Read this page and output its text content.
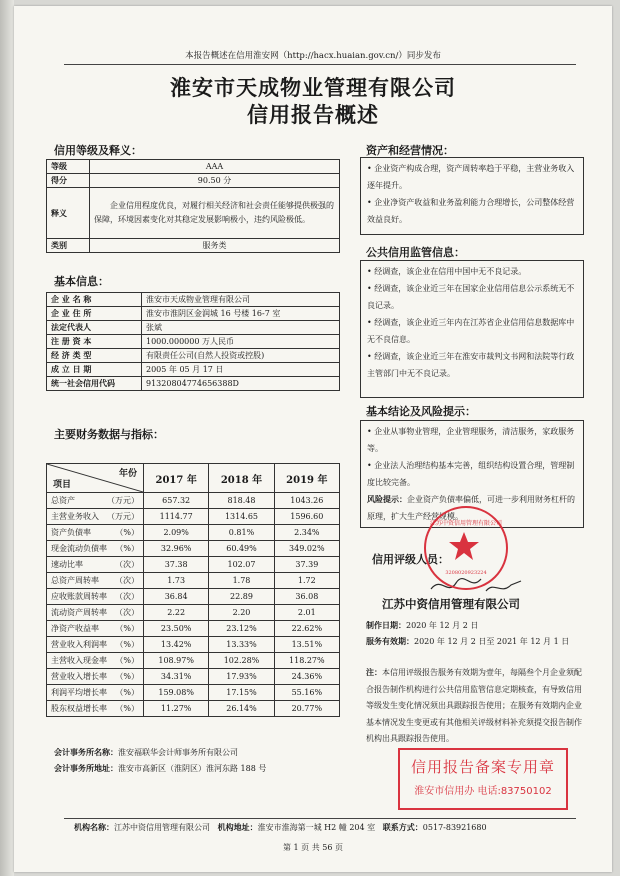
本报告概述在信用淮安网（http://hacx.huaian.gov.cn/）同步发布
淮安市天成物业管理有限公司
信用报告概述
信用等级及释义：
等级	AAA
得分	90.50 分
释义	企业信用程度优良，对履行相关经济和社会责任能够提供极强的保障，环境因素变化对其稳定发展影响极小，违约风险极低。
类别	服务类
基本信息：
企 业 名 称	淮安市天成物业管理有限公司
企 业 住 所	淮安市淮阴区金润城 16 号楼 16-7 室
法定代表人	张斌
注 册 资 本	1000.000000 万人民币
经 济 类 型	有限责任公司(自然人投资或控股)
成 立 日 期	2005 年 05 月 17 日
统一社会信用代码	91320804774656388D
主要财务数据与指标：
年份
项目	2017 年	2018 年	2019 年

总资产 （万元）	657.32	818.48	1043.26

主营业务收入 （万元）	1114.77	1314.65	1596.60

资产负债率 （%）	2.09%	0.81%	2.34%

现金流动负债率 （%）	32.96%	60.49%	349.02%

速动比率 （次）	37.38	102.07	37.39

总资产周转率 （次）	1.73	1.78	1.72

应收账款周转率 （次）	36.84	22.89	36.08

流动资产周转率 （次）	2.22	2.20	2.01

净资产收益率 （%）	23.50%	23.12%	22.62%

营业收入利润率 （%）	13.42%	13.33%	13.51%

主营收入现金率 （%）	108.97%	102.28%	118.27%

营业收入增长率 （%）	34.31%	17.93%	24.36%

利润平均增长率 （%）	159.08%	17.15%	55.16%

股东权益增长率 （%）	11.27%	26.14%	20.77%
会计事务所名称：淮安福联华会计师事务所有限公司
会计事务所地址：淮安市高新区（淮阴区）淮河东路 188 号
资产和经营情况：

• 企业资产构成合理，资产周转率趋于平稳，主营业务收入逐年提升。

• 企业净资产收益和业务盈利能力合理增长，公司整体经营效益良好。

公共信用监管信息：

• 经调查，该企业在信用中国中无不良记录。

• 经调查，该企业近三年在国家企业信用信息公示系统无不良记录。

• 经调查，该企业近三年内在江苏省企业信用信息数据库中无不良信息。

• 经调查，该企业近三年在淮安市裁判文书网和法院等行政主管部门中无不良记录。

基本结论及风险提示：

• 企业从事物业管理，企业管理服务，清洁服务，家政服务等。

• 企业法人治理结构基本完善，组织结构设置合理，管理制度比较完备。

风险提示：企业资产负债率偏低，可进一步利用财务杠杆的原理，扩大生产经营规模。

信用评级人员：
江苏中资信用管理有限公司
制作日期：2020 年 12 月 2 日
服务有效期：2020 年 12 月 2 日至 2021 年 12 月 1 日
注：本信用评级报告服务有效期为壹年，每隔叁个月企业须配合报告制作机构进行公共信用监管信息定期核查，有导致信用等级发生变化情况须出具跟踪报告使用；在服务有效期内企业基本情况发生变更或有其他相关评级材料补充须提交报告制作机构出具跟踪报告使用。
江苏中资信用管理有限公司
3208020923224
信用报告备案专用章
淮安市信用办 电话:83750102
机构名称：江苏中资信用管理有限公司 机构地址：淮安市淮海第一城 H2 幢 204 室 联系方式：0517-83921680
第 1 页 共 56 页
